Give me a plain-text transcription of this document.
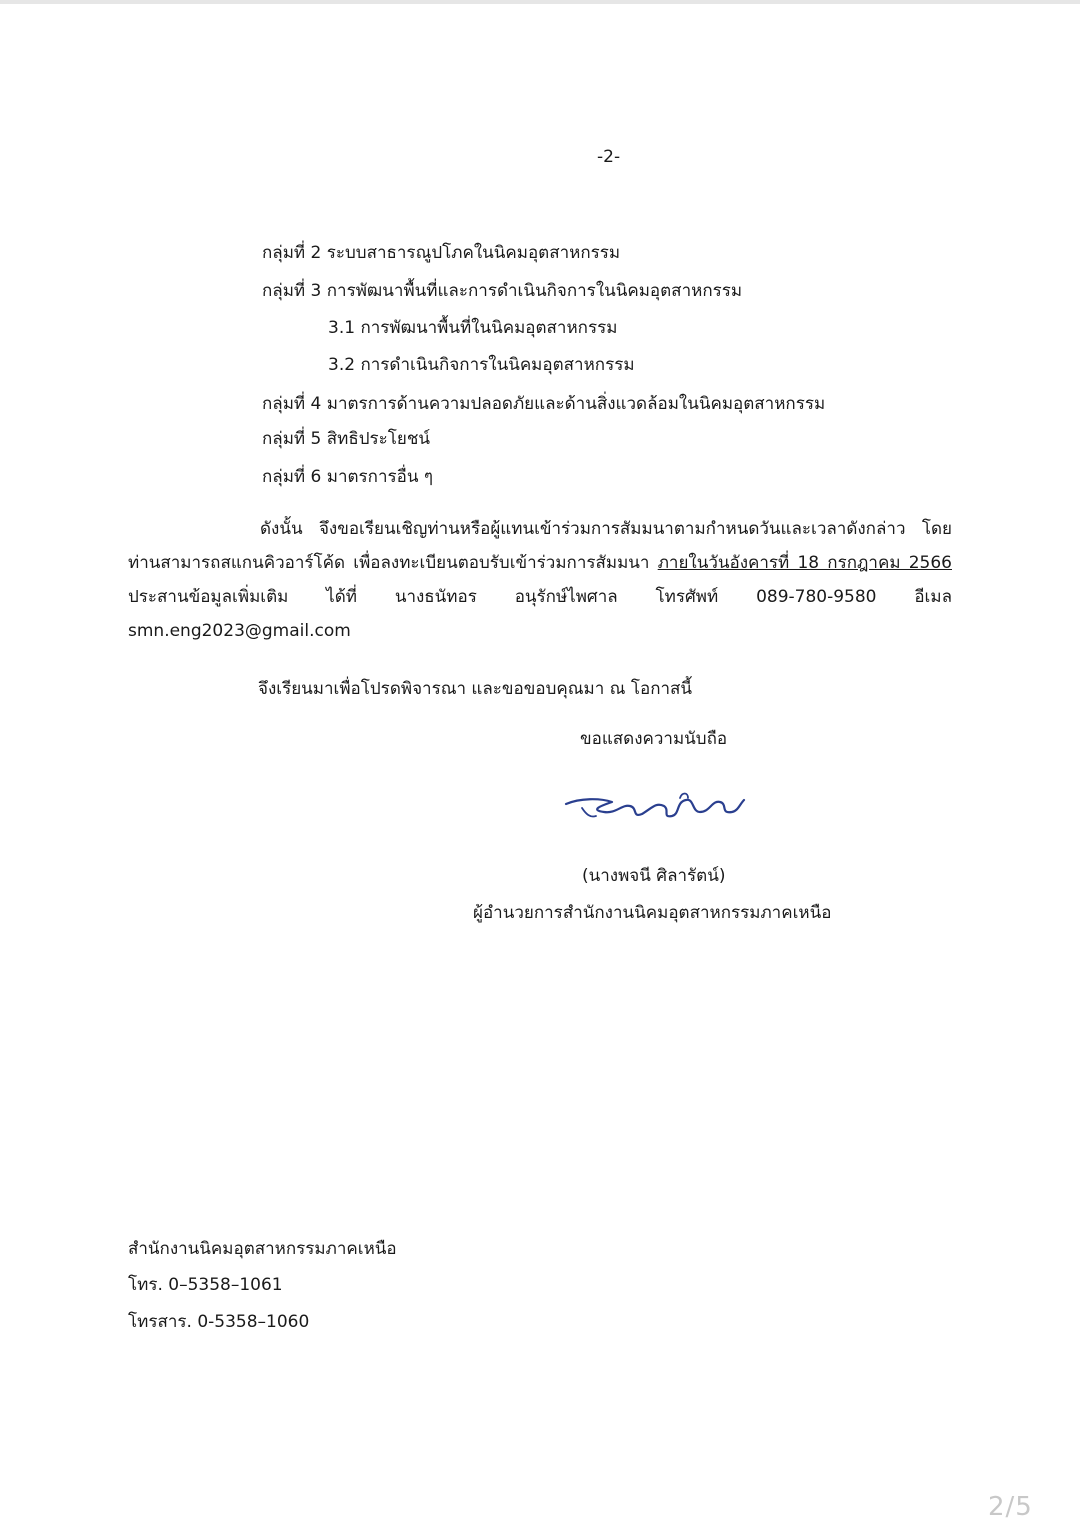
-2-
กลุ่มที่ 2 ระบบสาธารณูปโภคในนิคมอุตสาหกรรม
กลุ่มที่ 3 การพัฒนาพื้นที่และการดำเนินกิจการในนิคมอุตสาหกรรม
3.1 การพัฒนาพื้นที่ในนิคมอุตสาหกรรม
3.2 การดำเนินกิจการในนิคมอุตสาหกรรม
กลุ่มที่ 4 มาตรการด้านความปลอดภัยและด้านสิ่งแวดล้อมในนิคมอุตสาหกรรม
กลุ่มที่ 5 สิทธิประโยชน์
กลุ่มที่ 6 มาตรการอื่น ๆ
ดังนั้น จึงขอเรียนเชิญท่านหรือผู้แทนเข้าร่วมการสัมมนาตามกำหนดวันและเวลาดังกล่าว โดยท่านสามารถสแกนคิวอาร์โค้ด เพื่อลงทะเบียนตอบรับเข้าร่วมการสัมมนา ภายในวันอังคารที่ 18 กรกฎาคม 2566 ประสานข้อมูลเพิ่มเติม ได้ที่ นางธนัทอร อนุรักษ์ไพศาล โทรศัพท์ 089-780-9580 อีเมล smn.eng2023@gmail.com
จึงเรียนมาเพื่อโปรดพิจารณา และขอขอบคุณมา ณ โอกาสนี้
ขอแสดงความนับถือ
(นางพจนี ศิลารัตน์)
ผู้อำนวยการสำนักงานนิคมอุตสาหกรรมภาคเหนือ
สำนักงานนิคมอุตสาหกรรมภาคเหนือ
โทร. 0–5358–1061
โทรสาร. 0-5358–1060
2/5
